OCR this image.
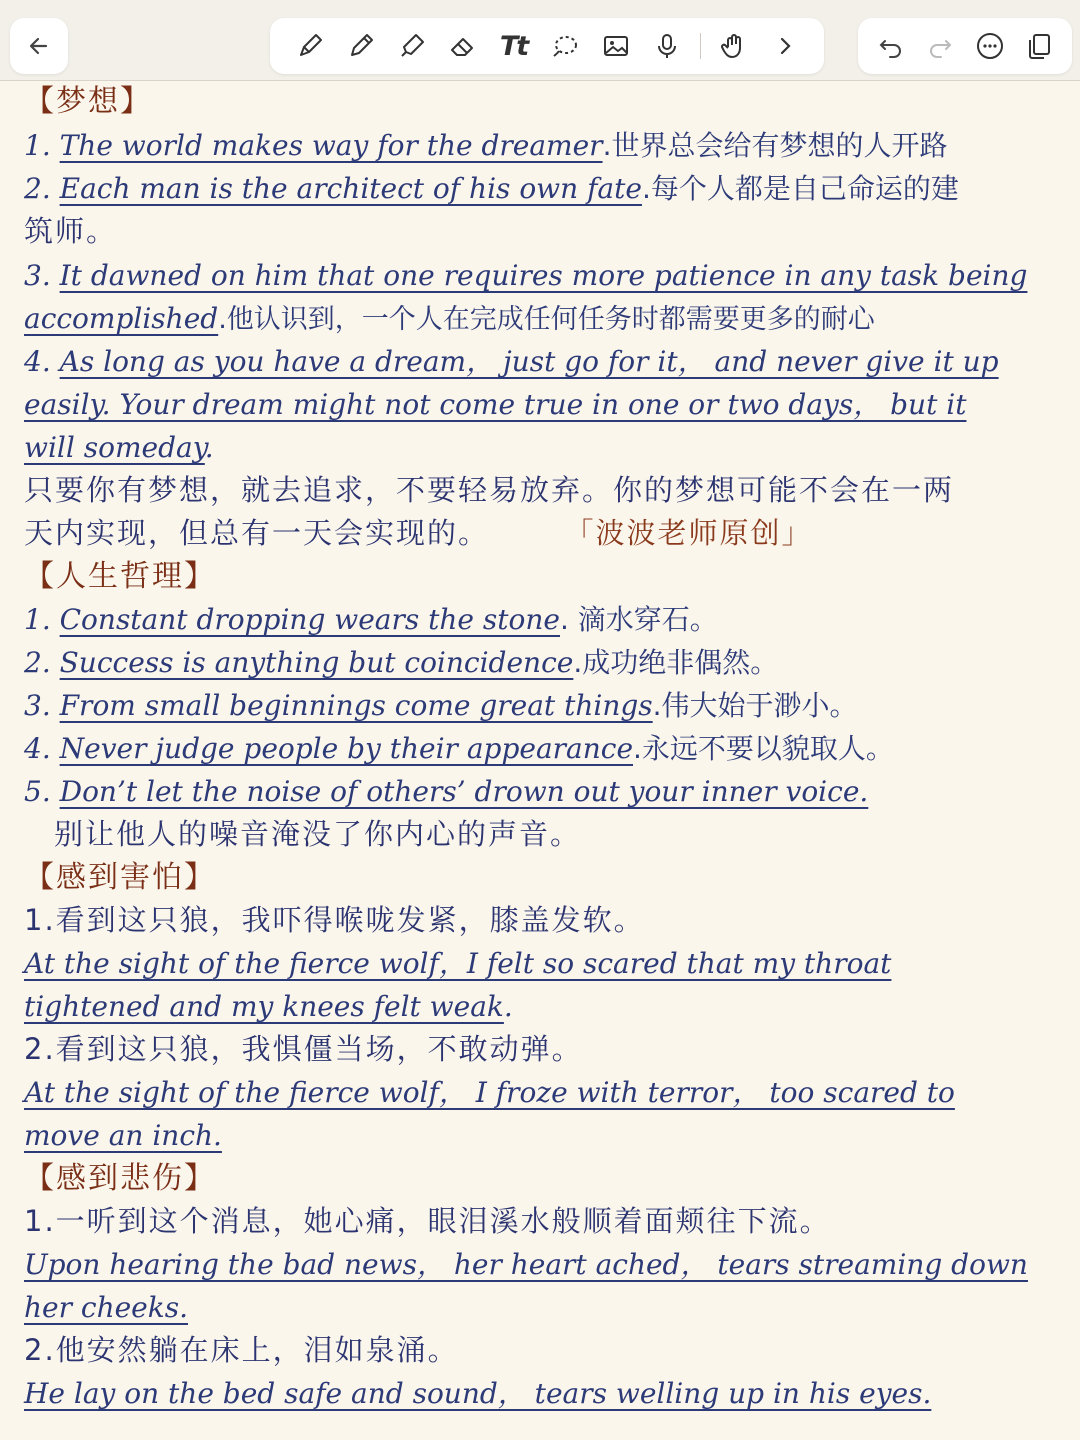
Tt
【梦想】
1. The world makes way for the dreamer.世界总会给有梦想的人开路
2. Each man is the architect of his own fate.每个人都是自己命运的建
筑师。
3. It dawned on him that one requires more patience in any task being
accomplished.他认识到，一个人在完成任何任务时都需要更多的耐心
4. As long as you have a dream， just go for it， and never give it up
easily. Your dream might not come true in one or two days， but it
will someday.
只要你有梦想，就去追求，不要轻易放弃。你的梦想可能不会在一两
天内实现，但总有一天会实现的。	「波波老师原创」
【人生哲理】
1. Constant dropping wears the stone. 滴水穿石。
2. Success is anything but coincidence.成功绝非偶然。
3. From small beginnings come great things.伟大始于渺小。
4. Never judge people by their appearance.永远不要以貌取人。
5. Don’t let the noise of others’ drown out your inner voice.
别让他人的噪音淹没了你内心的声音。
【感到害怕】
1.看到这只狼，我吓得喉咙发紧，膝盖发软。
At the sight of the fierce wolf，I felt so scared that my throat
tightened and my knees felt weak.
2.看到这只狼，我惧僵当场，不敢动弹。
At the sight of the fierce wolf， I froze with terror， too scared to
move an inch.
【感到悲伤】
1.一听到这个消息，她心痛，眼泪溪水般顺着面颊往下流。
Upon hearing the bad news， her heart ached， tears streaming down
her cheeks.
2.他安然躺在床上，泪如泉涌。
He lay on the bed safe and sound， tears welling up in his eyes.
